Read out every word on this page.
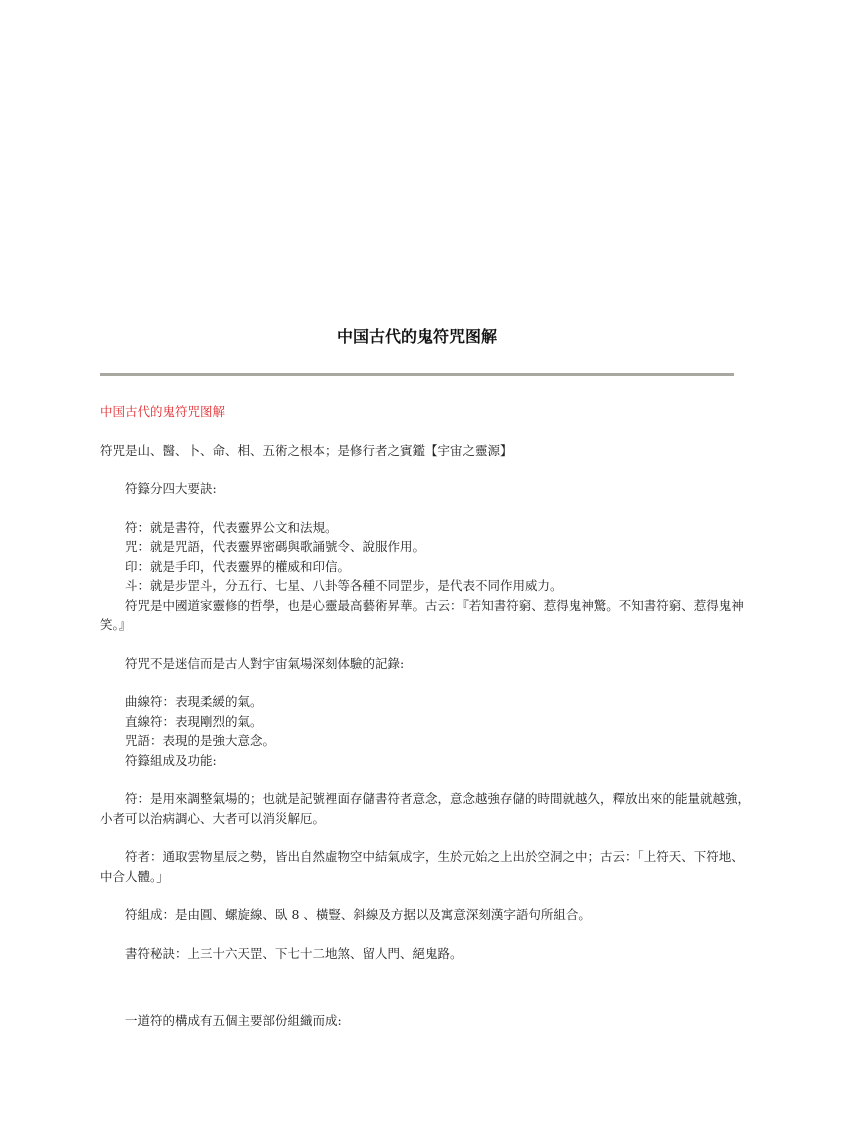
中国古代的鬼符咒图解

中国古代的鬼符咒图解

符咒是山、醫、卜、命、相、五術之根本；是修行者之賓鑑【宇宙之靈源】

符籙分四大要訣:

符：就是書符，代表靈界公文和法規。

咒：就是咒語，代表靈界密碼與歌誦號令、說服作用。

印：就是手印，代表靈界的權威和印信。

斗：就是步罡斗，分五行、七星、八卦等各種不同罡步，是代表不同作用威力。

符咒是中國道家靈修的哲學，也是心靈最高藝術昇華。古云：『若知書符窮、惹得鬼神驚。不知書符窮、惹得鬼神笑。』

符咒不是迷信而是古人對宇宙氣場深刻体驗的記錄:

曲線符：表現柔緩的氣。

直線符：表現剛烈的氣。

咒語：表現的是強大意念。

符籙組成及功能:

符：是用來調整氣場的；也就是記號裡面存儲書符者意念，意念越強存儲的時間就越久，釋放出來的能量就越強，小者可以治病調心、大者可以消災解厄。

符者：通取雲物星辰之勢，皆出自然虛物空中結氣成字，生於元始之上出於空洞之中；古云：「上符天、下符地、中合人體。」

符組成：是由圓、螺旋線、臥 8 、橫豎、斜線及方据以及寓意深刻漢字語句所組合。

書符秘訣：上三十六天罡、下七十二地煞、留人門、絕鬼路。

一道符的構成有五個主要部份組織而成:
